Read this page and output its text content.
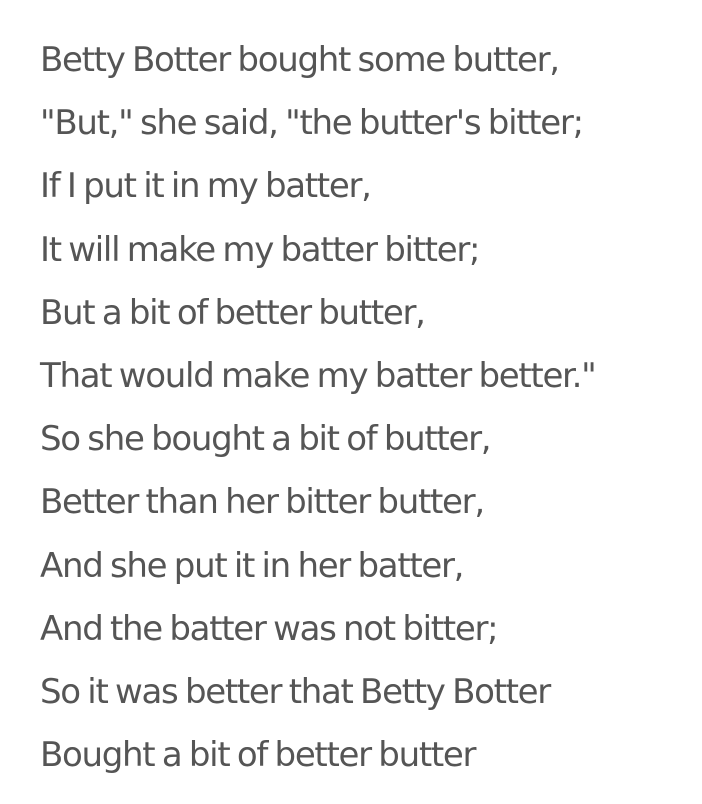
Betty Botter bought some butter,
"But," she said, "the butter's bitter;
If I put it in my batter,
It will make my batter bitter;
But a bit of better butter,
That would make my batter better."
So she bought a bit of butter,
Better than her bitter butter,
And she put it in her batter,
And the batter was not bitter;
So it was better that Betty Botter
Bought a bit of better butter
